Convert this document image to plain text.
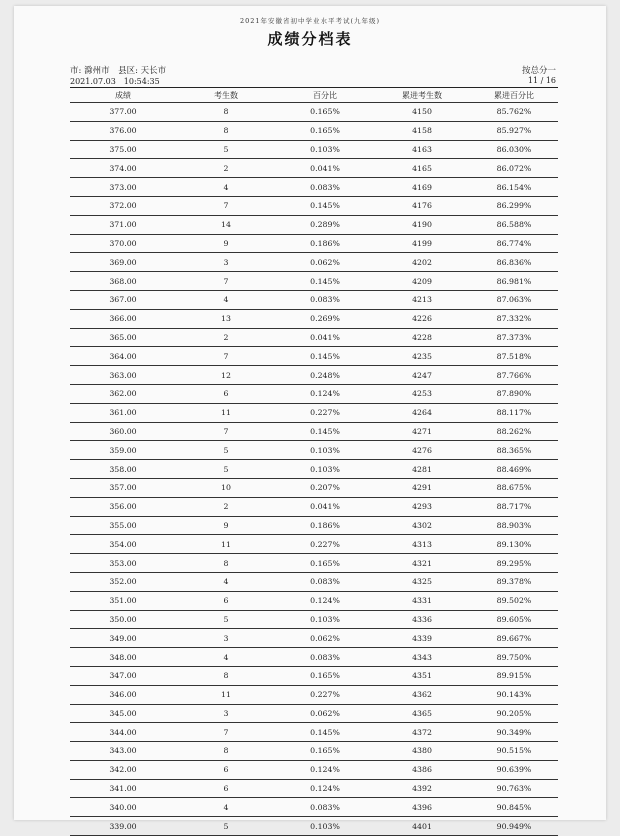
2021年安徽省初中学业水平考试(九年级)
成绩分档表
市: 滁州市　县区: 天长市
2021.07.03　10:54:35
按总分一
11 / 16
成绩	考生数	百分比	累进考生数	累进百分比
377.00	8	0.165%	4150	85.762%
376.00	8	0.165%	4158	85.927%
375.00	5	0.103%	4163	86.030%
374.00	2	0.041%	4165	86.072%
373.00	4	0.083%	4169	86.154%
372.00	7	0.145%	4176	86.299%
371.00	14	0.289%	4190	86.588%
370.00	9	0.186%	4199	86.774%
369.00	3	0.062%	4202	86.836%
368.00	7	0.145%	4209	86.981%
367.00	4	0.083%	4213	87.063%
366.00	13	0.269%	4226	87.332%
365.00	2	0.041%	4228	87.373%
364.00	7	0.145%	4235	87.518%
363.00	12	0.248%	4247	87.766%
362.00	6	0.124%	4253	87.890%
361.00	11	0.227%	4264	88.117%
360.00	7	0.145%	4271	88.262%
359.00	5	0.103%	4276	88.365%
358.00	5	0.103%	4281	88.469%
357.00	10	0.207%	4291	88.675%
356.00	2	0.041%	4293	88.717%
355.00	9	0.186%	4302	88.903%
354.00	11	0.227%	4313	89.130%
353.00	8	0.165%	4321	89.295%
352.00	4	0.083%	4325	89.378%
351.00	6	0.124%	4331	89.502%
350.00	5	0.103%	4336	89.605%
349.00	3	0.062%	4339	89.667%
348.00	4	0.083%	4343	89.750%
347.00	8	0.165%	4351	89.915%
346.00	11	0.227%	4362	90.143%
345.00	3	0.062%	4365	90.205%
344.00	7	0.145%	4372	90.349%
343.00	8	0.165%	4380	90.515%
342.00	6	0.124%	4386	90.639%
341.00	6	0.124%	4392	90.763%
340.00	4	0.083%	4396	90.845%
339.00	5	0.103%	4401	90.949%
